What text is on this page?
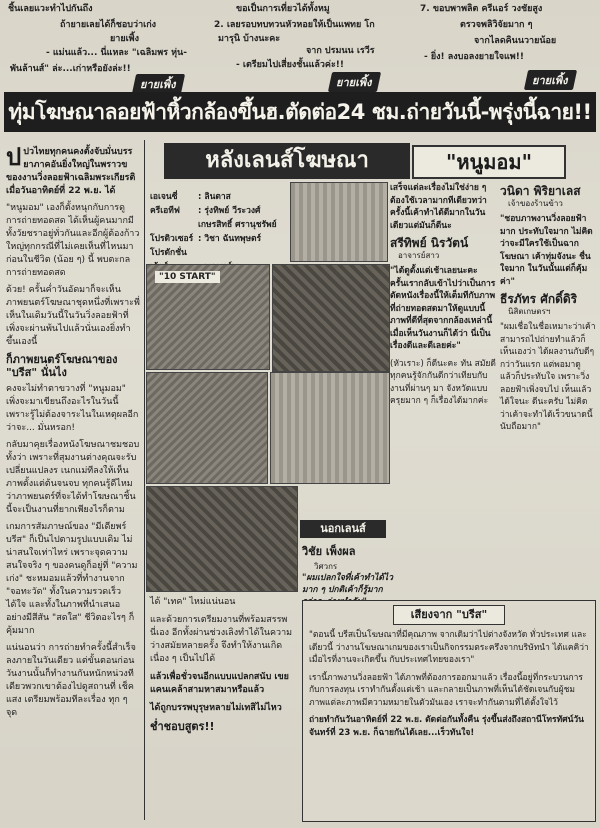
ชิ้นเลยแวะทำไปกันถึง
ถ้ายายเลยได้ก็ชอบว่าเก่ง
ยายเพิ้ง
- แม่นแล้ว... นี่แหละ "เฉลิมพร หุ่น-
พันล้านส์" ล่ะ...เก่าหรือยังล่ะ!!
ขอเป็นการเที่ยวได้ทั้งหมู
2. เลยรอบทบทวนหัวหอยให้เป็นแพทย โก
มารุนิ บ้างนะคะ
จาก ปรมนน เรวีร
- เตรียมไปเสี่ยงชั้นแล้วค่ะ!!
7. ขอบพาพลิต ครีแอร์ วงชัยสูง
ตรวจพลิวิจัยมาก ๆ
จากไลดคินนวายน้อย
- ยิ่ง! ลงบอลงยายใจแพ!!
ยายเพิ้ง	ยายเพิ้ง	ยายเพิ้ง
ทุ่มโฆษณาลอยฟ้าหิ้วกล้องขึ้นฮ.ตัดต่อ24 ชม.ถ่ายวันนี้-พรุ่งนี้ฉาย!!
ป ปวไทยทุกคนคงตั้งจับมั่นบรรยาภาคอันยิ่งใหญ่ในพราวขของงานวิ่งลอยฟ้าเฉลิมพระเกียรติเมื่อวันอาทิตย์ที่ 22 พ.ย. ได้

"หนูมอม" เองก็ตั้งหนุกกับการดูการถ่ายทอดสด ได้เห็นผู้คนมากมีทั้งวัยชราอยู่ทั่วกันและอีกผู้ต้องก้าวใหญ่ทุกกรณีที่ไม่เคยเห็นที่ไหนมาก่อนในชีวิต (น้อย ๆ) นี้ พบตะกลการถ่ายทอดสด

ด้วย! ครั้นค่ำวันอัดมาก็จะเห็นภาพยนตร์โฆษณาชุดหนึ่งที่เพราะพี่เห็นในเดิมวันนี้ในวันวิ่งลอยฟ้าที่เพิ่งจะผ่านพ้นไปแล้วนั่นเองยิ่งทำขึ้นเองนี้

ก็ภาพยนตร์โฆษณาของ "บรีส" นั่นไง

คงจะไม่ทำตาขวางที่ "หนูมอม" เพิ่งจะมาเขียนถึงอะไรในวันนี้ เพราะรู้ไม่ต้องจาระไนในเหตุผลอีกว่าจะ... มั่นหรอก!

กลับมาคุยเรื่องหนังโฆษณาชมชอบทั้งว่า เพราะที่สุมงานต่างคุณจะรับเปลี่ยนแปลงร เนกแม่ทีลงให้เห็นภาพตั้งแต่ต้นจนจบ ทุกคนรู้ดีไหมว่าภาพยนตร์ที่จะได้ทำโฆษณาชิ้นนี้จะเป็นงานที่ยากเพียงไรก็ตาม

เกมการสัมภาษณ์ของ "มีเดียพร์ บรีส" ก็เป็นไปตามรูปแบบเดิม ไม่น่าสนใจเท่าไหร่ เพราะจุดความสนใจจริง ๆ ของคนดูก็อยู่ที่ "ความเก่ง" ชะหมอมแล้วที่ทำงานจาก "จอทะวัด" ทั้งในความรวดเร็วได้ใจ และทั้งในภาพที่นำเสนออย่างมีสีสัน "สดใส" ชีวิตอะไรๆ ก็คุ้มมาก

แน่นอนว่า การถ่ายทำครั้งนี้สำเร็จลงภายในวันเดียว แต่ขั้นตอนก่อนวันงานนั้นก็ทำงานกันหนักหน่วงทีเดียวพวกเขาต้องไปดูสถานที่ เช็คแสง เตรียมพร้อมทีละเรื่อง ทุก ๆ จุด

หลังเลนส์โฆษณา	"หนูมอม"
เอเจนซี่ : ลินตาส
ครีเอทีฟ : รุ่งทิพย์ วีระวงศ์
เกษรสิทธิ์ ศรานุชรัพย์
โปรดิวเซอร์ : วิชา ฉันทพุษตร์
โปรดักชั่น
"10 START"

ได้ "เทค" ไหม่แน่นอน

และด้วยการเตรียมงานที่พร้อมสรรพนี่เอง อีกทั้งผ่านช่วงเลิงทำได้ในความว่างสมัยหลายครั้ง จึงทำให้งานเกิดเนื่อง ๆ เป็นไปได้

แล้วเพื่อชั่วจนอีกแบบแปลกสนับ เขยแคนเคล้าสามหาสมาหรือแล้ว

ได้ถูกบรรพบุรุษหลายไม่เทสิไม่ไหว

ช่ำชอบสูตร!!

นอกเลนส์
วิชัย เพ็งผล
วิศวกร
"ผมเปลกใจที่เค้าทำได้ไวมาก ๆ ปกติเค้าก็รู้มาก

เสร็จแต่ละเรื่องไม่ใช่ง่าย ๆ ต้องใช้เวลามากทีเดียวทว่าครั้งนี้เค้าทำได้ดีมากในวันเดียวแต่มันก็ดีนะ

สรีทิพย์ นิรวัตน์
อาจารย์สาว

"ได้ดูตั้งแต่เช้าเลยนะคะ ครั้นเรากลับเข้าไปว่าเป็นการตัดหนังเรื่องนี้ให้เต็มทีกับภาพที่ถ่ายทอดสดมาให้ดูแบบนี้ ภาพที่ดีที่สุดจากกล้องเหล่านี้ เมื่อเห็นวันงานก็ได้ว่า นี่เป็นเรื่องดีและดีเลยค่ะ"

(หัวเราะ) ก็ดีนะคะ ทัน สมัยดี ทุกคนรู้จักกันดีกว่าเทียบกับงานที่ผ่านๆ มา จังหวัดแบบครุยมาก ๆ ก็เรื่องได้มากค่ะ

วนิดา พิริยาเลส
เจ้าของร้านข้าว

"ชอบภาพงานวิ่งลอยฟ้ามาก ประทับใจมาก ไม่คิดว่าจะมีใครใช้เป็นฉากโฆษณา เค้าทุ่มจังนะ ชื่นใจมาก ในวันนั้นแต่ก็คุ้มค่า"

ธีรภัทร ศักดิ์ดิริ
นิสิตเกษตรฯ

"ผมเชื่อในชื่อเหมาะว่าเค้าสามารถไปถ่ายทำแล้วก็เห็นเองว่า ได้ผลงานกับดีๆ กว่าวันแรก แต่พอมาดูแล้วก็ประทับใจ เพราะวิ่งลอยฟ้าเพิ่งจบไป เห็นแล้วได้ใจนะ ดีนะครับ ไม่คิดว่าเค้าจะทำได้เร็วขนาดนี้ นับถือมาก"

เสียงจาก "บรีส"

"ตอนนี้ บรีสเป็นโฆษณาที่มีคุณภาพ จากเดิมว่าไปต่างจังหวัด ทั่วประเทศ และเดียวนี้ ว่างานโฆษณาเกมของเราเป็นกิจกรรมตระครึงจากบริษัทนำ ได้แคคิว่าเมื่อไรที่งานจะเกิดขึ้น กับประเทศไทยของเรา"

เรานี้ภาพงานวิ่งลอยฟ้า ได้ภาพที่ต้องการออกมาแล้ว เรื่องนี้อยู่ที่กระบวนการกับการลงทุน เราทำกันตั้งแต่เช้า และกลายเป็นภาพที่เห็นได้ชัดเจนกับผู้ชม ภาพแต่ละภาพมีความหมายในตัวมันเอง เราจะทำกันตามที่ได้ตั้งใจไว้

ถ่ายทำกันวันอาทิตย์ที่ 22 พ.ย. ตัดต่อกันทั้งคืน รุ่งขึ้นส่งถึงสถานีโทรทัศน์วันจันทร์ที่ 23 พ.ย. ก็ฉายกันได้เลย...เร็วทันใจ!
